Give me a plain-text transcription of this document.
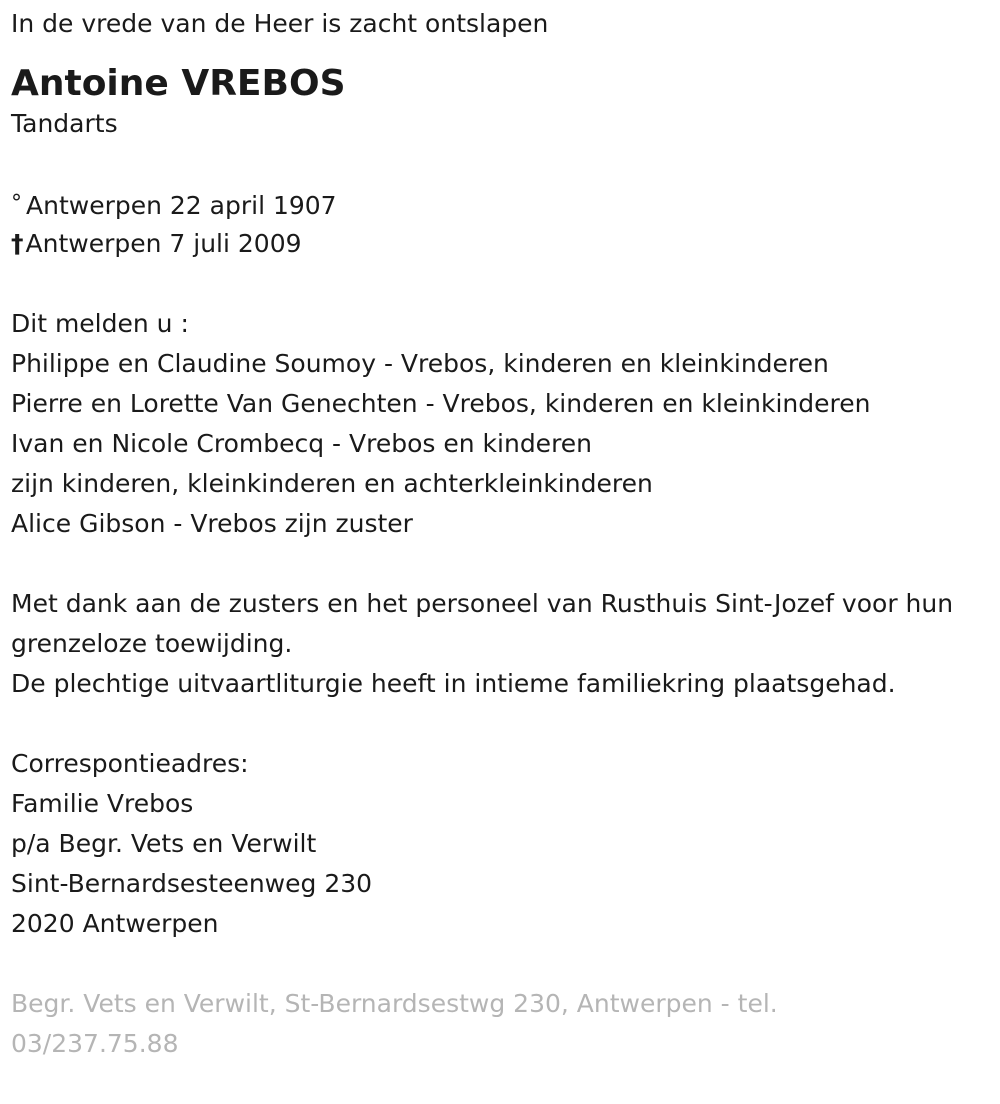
In de vrede van de Heer is zacht ontslapen

Antoine VREBOS
Tandarts

° Antwerpen 22 april 1907

†Antwerpen 7 juli 2009

Dit melden u :

Philippe en Claudine Soumoy - Vrebos, kinderen en kleinkinderen

Pierre en Lorette Van Genechten - Vrebos, kinderen en kleinkinderen

Ivan en Nicole Crombecq - Vrebos en kinderen

zijn kinderen, kleinkinderen en achterkleinkinderen

Alice Gibson - Vrebos zijn zuster

Met dank aan de zusters en het personeel van Rusthuis Sint-Jozef voor hun grenzeloze toewijding.

De plechtige uitvaartliturgie heeft in intieme familiekring plaatsgehad.

Correspontieadres:

Familie Vrebos

p/a Begr. Vets en Verwilt

Sint-Bernardsesteenweg 230

2020 Antwerpen

Begr. Vets en Verwilt, St-Bernardsestwg 230, Antwerpen - tel. 03/237.75.88
